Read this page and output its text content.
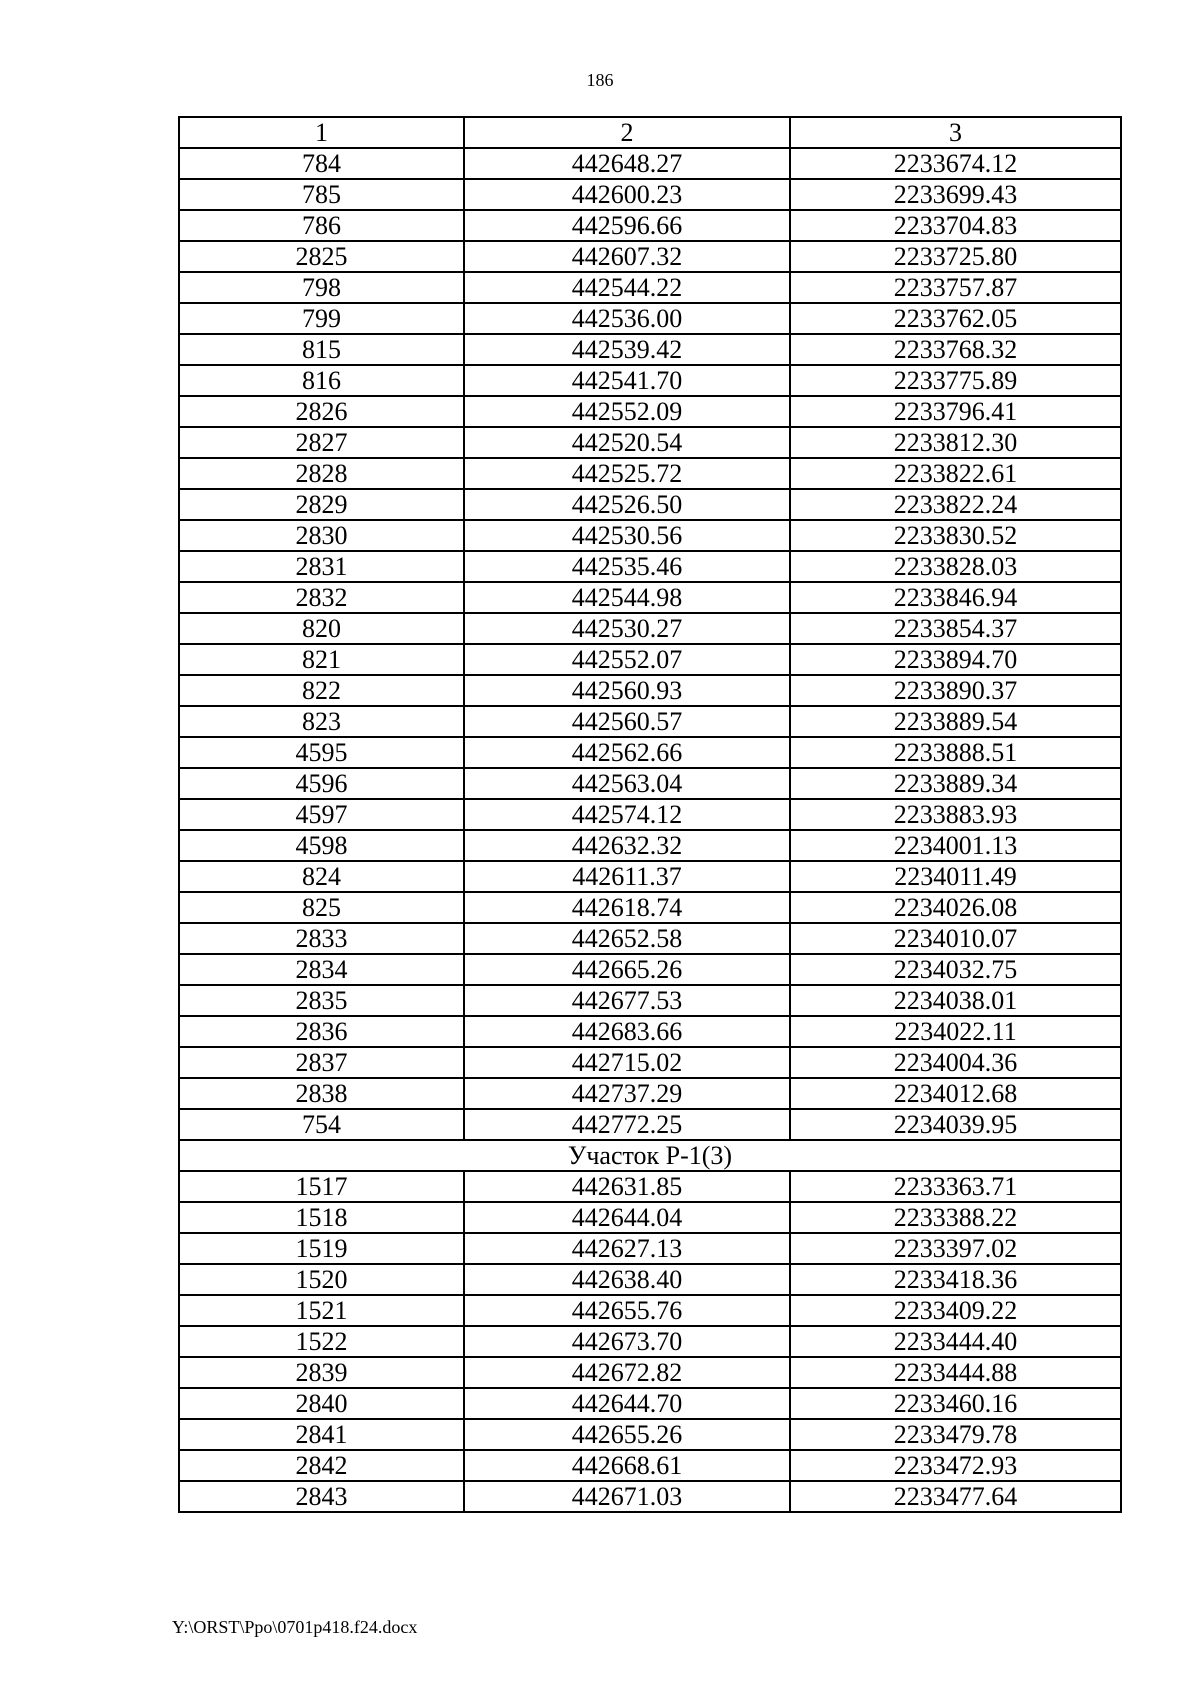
186
1	2	3
784	442648.27	2233674.12
785	442600.23	2233699.43
786	442596.66	2233704.83
2825	442607.32	2233725.80
798	442544.22	2233757.87
799	442536.00	2233762.05
815	442539.42	2233768.32
816	442541.70	2233775.89
2826	442552.09	2233796.41
2827	442520.54	2233812.30
2828	442525.72	2233822.61
2829	442526.50	2233822.24
2830	442530.56	2233830.52
2831	442535.46	2233828.03
2832	442544.98	2233846.94
820	442530.27	2233854.37
821	442552.07	2233894.70
822	442560.93	2233890.37
823	442560.57	2233889.54
4595	442562.66	2233888.51
4596	442563.04	2233889.34
4597	442574.12	2233883.93
4598	442632.32	2234001.13
824	442611.37	2234011.49
825	442618.74	2234026.08
2833	442652.58	2234010.07
2834	442665.26	2234032.75
2835	442677.53	2234038.01
2836	442683.66	2234022.11
2837	442715.02	2234004.36
2838	442737.29	2234012.68
754	442772.25	2234039.95
Участок Р-1(3)		
1517	442631.85	2233363.71
1518	442644.04	2233388.22
1519	442627.13	2233397.02
1520	442638.40	2233418.36
1521	442655.76	2233409.22
1522	442673.70	2233444.40
2839	442672.82	2233444.88
2840	442644.70	2233460.16
2841	442655.26	2233479.78
2842	442668.61	2233472.93
2843	442671.03	2233477.64
Y:\ORST\Ppo\0701p418.f24.docx
